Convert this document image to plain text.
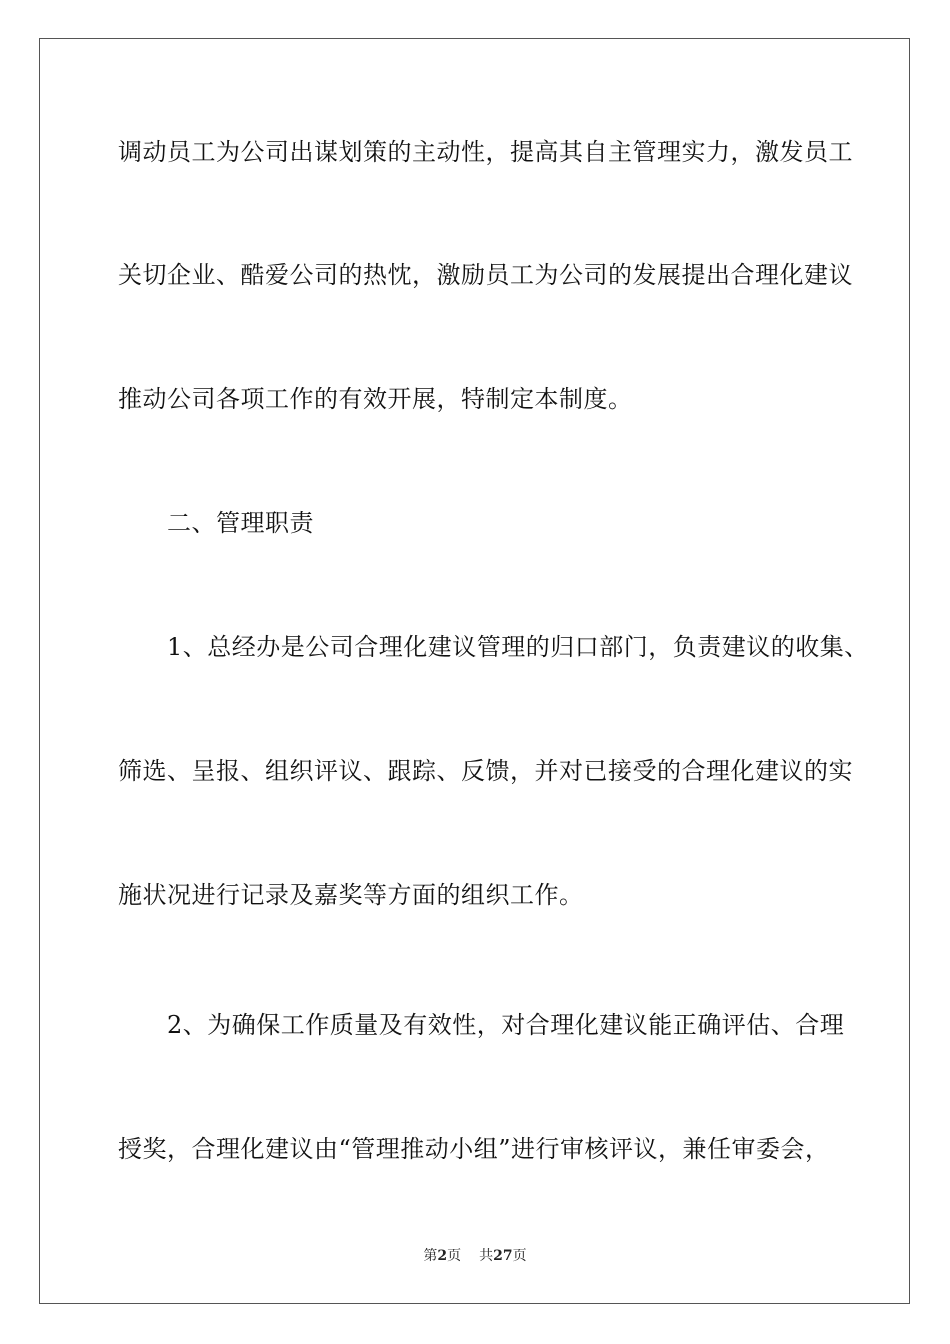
调动员工为公司出谋划策的主动性，提高其自主管理实力，激发员工
关切企业、酷爱公司的热忱，激励员工为公司的发展提出合理化建议
推动公司各项工作的有效开展，特制定本制度。
　　二、管理职责
　　1、总经办是公司合理化建议管理的归口部门，负责建议的收集、
筛选、呈报、组织评议、跟踪、反馈，并对已接受的合理化建议的实
施状况进行记录及嘉奖等方面的组织工作。
　　2、为确保工作质量及有效性，对合理化建议能正确评估、合理
授奖，合理化建议由“管理推动小组”进行审核评议，兼任审委会，
第2页 共27页
